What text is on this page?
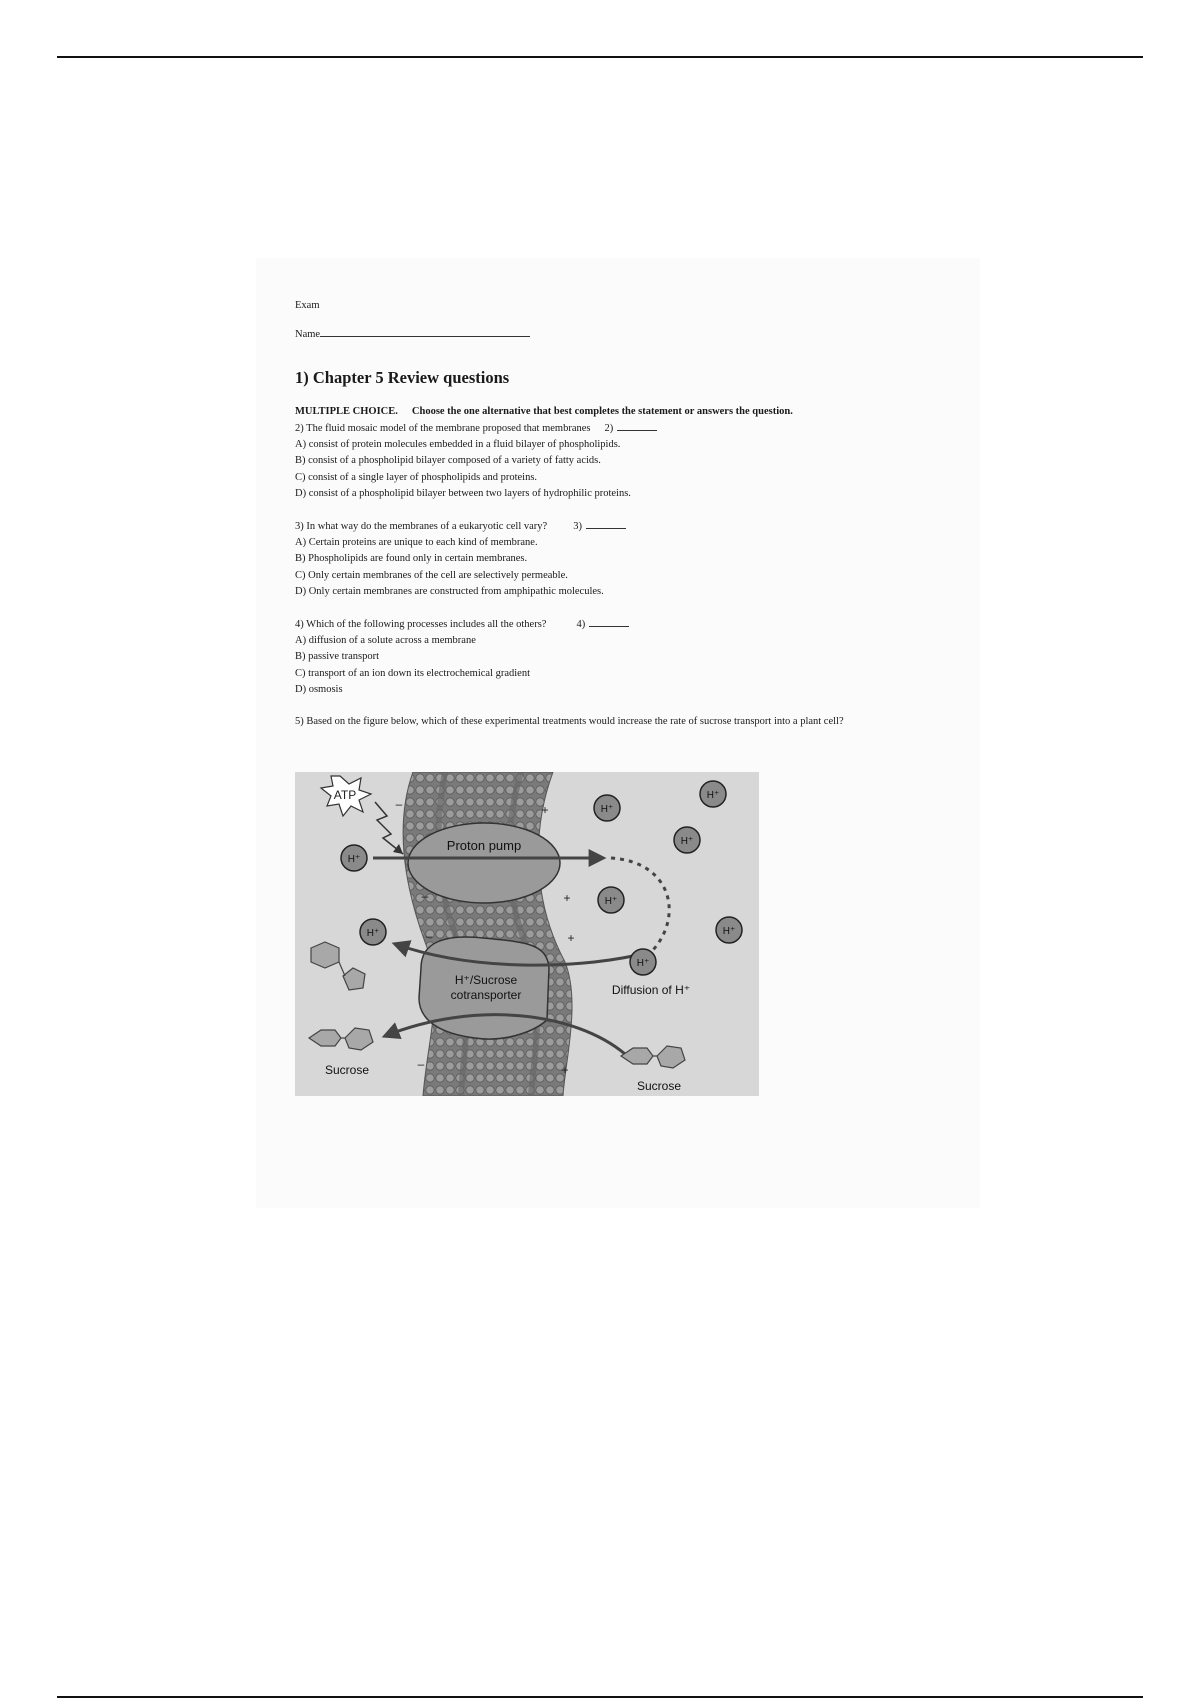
Exam
Name
1) Chapter 5 Review questions
MULTIPLE CHOICE. Choose the one alternative that best completes the statement or answers the question.
2) The fluid mosaic model of the membrane proposed that membranes 2)
A) consist of protein molecules embedded in a fluid bilayer of phospholipids.
B) consist of a phospholipid bilayer composed of a variety of fatty acids.
C) consist of a single layer of phospholipids and proteins.
D) consist of a phospholipid bilayer between two layers of hydrophilic proteins.
3) In what way do the membranes of a eukaryotic cell vary? 3)
A) Certain proteins are unique to each kind of membrane.
B) Phospholipids are found only in certain membranes.
C) Only certain membranes of the cell are selectively permeable.
D) Only certain membranes are constructed from amphipathic molecules.
4) Which of the following processes includes all the others?	4)
A) diffusion of a solute across a membrane
B) passive transport
C) transport of an ion down its electrochemical gradient
D) osmosis
5) Based on the figure below, which of these experimental treatments would increase the rate of sucrose transport into a plant cell?
ATP
Proton pump
H⁺/Sucrose
cotransporter	Diffusion of H⁺
H⁺
H⁺
H⁺
H⁺
H⁺
H⁺
H⁺
H⁺
–
–
–
–
+
+
+
+
Sucrose
Sucrose
